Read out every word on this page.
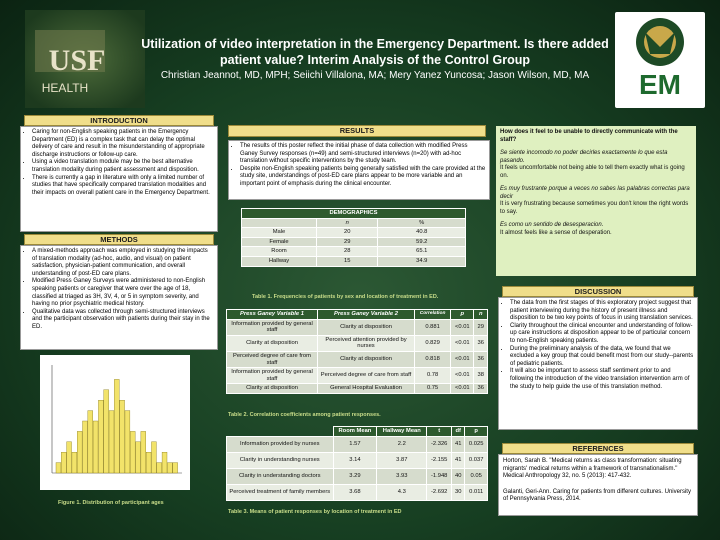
USF
HEALTH	EM
Utilization of video interpretation in the Emergency Department. Is there added patient value? Interim Analysis of the Control Group
Christian Jeannot, MD, MPH; Seiichi Villalona, MA; Mery Yanez Yuncosa; Jason Wilson, MD, MA
INTRODUCTION
• Caring for non-English speaking patients in the Emergency Department (ED) is a complex task that can delay the optimal delivery of care and result in the misunderstanding of appropriate discharge instructions or follow-up care.
• Using a video translation module may be the best alternative translation modality during patient assessment and disposition.
• There is currently a gap in literature with only a limited number of studies that have specifically compared translation modalities and their impacts on overall patient care in the Emergency Department.
METHODS
• A mixed-methods approach was employed in studying the impacts of translation modality (ad-hoc, audio, and visual) on patient satisfaction, physician-patient communication, and overall understanding of post-ED care plans.
• Modified Press Ganey Surveys were administered to non-English speaking patients or caregiver that were over the age of 18, classified at triaged as 3H, 3V, 4, or 5 in symptom severity, and having no prior psychiatric medical history.
• Qualitative data was collected through semi-structured interviews and the participant observation with patients during their stay in the ED.
Figure 1. Distribution of participant ages
RESULTS
• The results of this poster reflect the initial phase of data collection with modified Press Ganey Survey responses (n=49) and semi-structured interviews (n=20) with ad-hoc translation without specific interventions by the study team.
• Despite non-English speaking patients being generally satisfied with the care provided at the study site, understandings of post-ED care plans appear to be more variable and an important point of emphasis during the clinical encounter.
DEMOGRAPHICS		
	n	%
Male	20	40.8
Female	29	59.2
Room	28	65.1
Hallway	15	34.9
Table 1. Frequencies of patients by sex and location of treatment in ED.
Press Ganey Variable 1	Press Ganey Variable 2	Correlation	p	n
Information provided by general staff	Clarity at disposition	0.881	<0.01	29
Clarity at disposition	Perceived attention provided by nurses	0.829	<0.01	36
Perceived degree of care from staff	Clarity at disposition	0.818	<0.01	36
Information provided by general staff	Perceived degree of care from staff	0.78	<0.01	38
Clarity at disposition	General Hospital Evaluation	0.75	<0.01	36
Table 2. Correlation coefficients among patient responses.
	Room Mean	Hallway Mean	t	df	p
Information provided by nurses	1.57	2.2	-2.326	41	0.025
Clarity in understanding nurses	3.14	3.87	-2.155	41	0.037
Clarity in understanding doctors	3.29	3.93	-1.948	40	0.05
Perceived treatment of family members	3.68	4.3	-2.692	30	0.011
Table 3. Means of patient responses by location of treatment in ED

How does it feel to be unable to directly communicate with the staff?

Se siente incomodo no poder decirles exactamente lo que esta pasando.
It feels uncomfortable not being able to tell them exactly what is going on.

Es muy frustrante porque a veces no sabes las palabras correctas para decir
It is very frustrating because sometimes you don't know the right words to say.

Es como un sentido de desesperacion.
It almost feels like a sense of desperation.

DISCUSSION
• The data from the first stages of this exploratory project suggest that patient interviewing during the history of present illness and disposition to be two key points of focus in using translation services.
• Clarity throughout the clinical encounter and understanding of follow-up care instructions at disposition appear to be of particular concern to non-English speaking patients.
• During the preliminary analysis of the data, we found that we excluded a key group that could benefit most from our study--parents of pediatric patients.
• It will also be important to assess staff sentiment prior to and following the introduction of the video translation intervention arm of the study to help guide the use of this translation method.
REFERENCES

Horton, Sarah B. "Medical returns as class transformation: situating migrants' medical returns within a framework of transnationalism." Medical Anthropology 32, no. 5 (2013): 417-432.

Galanti, Geri-Ann. Caring for patients from different cultures. University of Pennsylvania Press, 2014.
